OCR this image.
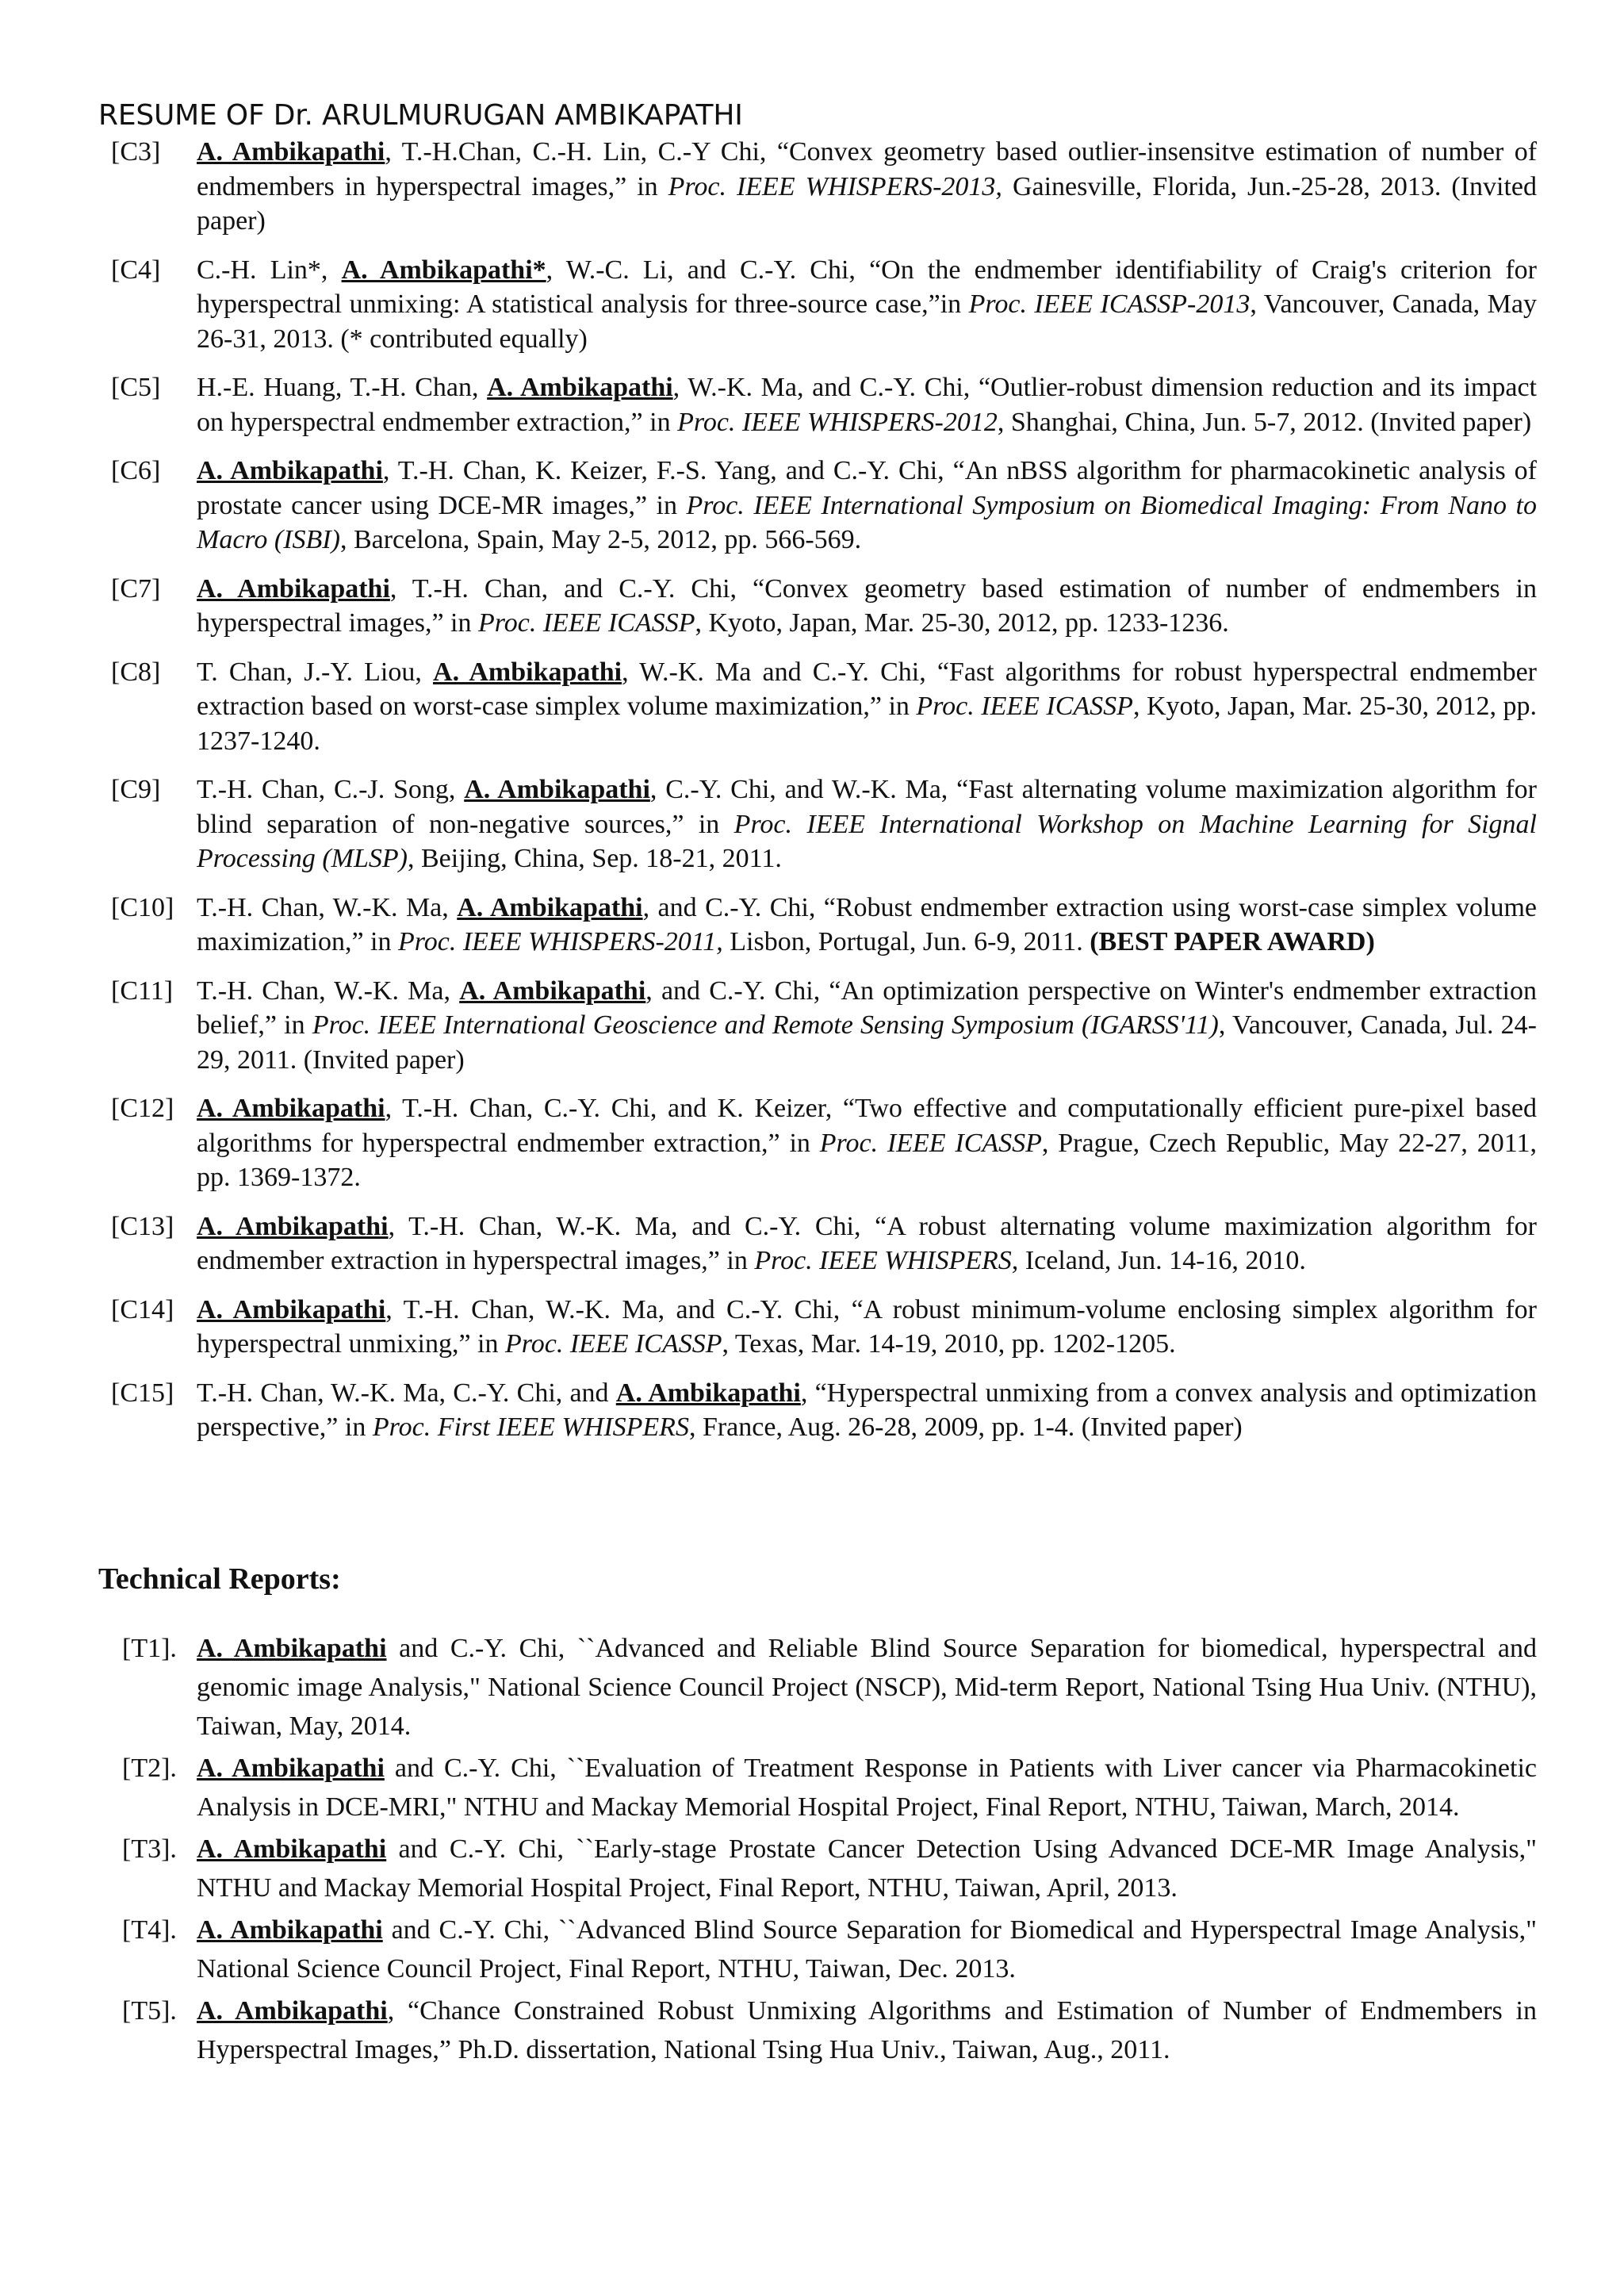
RESUME OF Dr. ARULMURUGAN AMBIKAPATHI
[C3]	A. Ambikapathi, T.-H.Chan, C.-H. Lin, C.-Y Chi, “Convex geometry based outlier-insensitve estimation of number of endmembers in hyperspectral images,” in Proc. IEEE WHISPERS-2013, Gainesville, Florida, Jun.-25-28, 2013. (Invited paper)
[C4]	C.-H. Lin*, A. Ambikapathi*, W.-C. Li, and C.-Y. Chi, “On the endmember identifiability of Craig's criterion for hyperspectral unmixing: A statistical analysis for three-source case,”in Proc. IEEE ICASSP-2013, Vancouver, Canada, May 26-31, 2013. (* contributed equally)
[C5]	H.-E. Huang, T.-H. Chan, A. Ambikapathi, W.-K. Ma, and C.-Y. Chi, “Outlier-robust dimension reduction and its impact on hyperspectral endmember extraction,” in Proc. IEEE WHISPERS-2012, Shanghai, China, Jun. 5-7, 2012. (Invited paper)
[C6]	A. Ambikapathi, T.-H. Chan, K. Keizer, F.-S. Yang, and C.-Y. Chi, “An nBSS algorithm for pharmacokinetic analysis of prostate cancer using DCE-MR images,” in Proc. IEEE International Symposium on Biomedical Imaging: From Nano to Macro (ISBI), Barcelona, Spain, May 2-5, 2012, pp. 566-569.
[C7]	A. Ambikapathi, T.-H. Chan, and C.-Y. Chi, “Convex geometry based estimation of number of endmembers in hyperspectral images,” in Proc. IEEE ICASSP, Kyoto, Japan, Mar. 25-30, 2012, pp. 1233-1236.
[C8]	T. Chan, J.-Y. Liou, A. Ambikapathi, W.-K. Ma and C.-Y. Chi, “Fast algorithms for robust hyperspectral endmember extraction based on worst-case simplex volume maximization,” in Proc. IEEE ICASSP, Kyoto, Japan, Mar. 25-30, 2012, pp. 1237-1240.
[C9]	T.-H. Chan, C.-J. Song, A. Ambikapathi, C.-Y. Chi, and W.-K. Ma, “Fast alternating volume maximization algorithm for blind separation of non-negative sources,” in Proc. IEEE International Workshop on Machine Learning for Signal Processing (MLSP), Beijing, China, Sep. 18-21, 2011.
[C10] T.-H. Chan, W.-K. Ma, A. Ambikapathi, and C.-Y. Chi, “Robust endmember extraction using worst-case simplex volume maximization,” in Proc. IEEE WHISPERS-2011, Lisbon, Portugal, Jun. 6-9, 2011. (BEST PAPER AWARD)
[C11] T.-H. Chan, W.-K. Ma, A. Ambikapathi, and C.-Y. Chi, “An optimization perspective on Winter's endmember extraction belief,” in Proc. IEEE International Geoscience and Remote Sensing Symposium (IGARSS'11), Vancouver, Canada, Jul. 24-29, 2011. (Invited paper)
[C12] A. Ambikapathi, T.-H. Chan, C.-Y. Chi, and K. Keizer, “Two effective and computationally efficient pure-pixel based algorithms for hyperspectral endmember extraction,” in Proc. IEEE ICASSP, Prague, Czech Republic, May 22-27, 2011, pp. 1369-1372.
[C13] A. Ambikapathi, T.-H. Chan, W.-K. Ma, and C.-Y. Chi, “A robust alternating volume maximization algorithm for endmember extraction in hyperspectral images,” in Proc. IEEE WHISPERS, Iceland, Jun. 14-16, 2010.
[C14] A. Ambikapathi, T.-H. Chan, W.-K. Ma, and C.-Y. Chi, “A robust minimum-volume enclosing simplex algorithm for hyperspectral unmixing,” in Proc. IEEE ICASSP, Texas, Mar. 14-19, 2010, pp. 1202-1205.
[C15] T.-H. Chan, W.-K. Ma, C.-Y. Chi, and A. Ambikapathi, “Hyperspectral unmixing from a convex analysis and optimization perspective,” in Proc. First IEEE WHISPERS, France, Aug. 26-28, 2009, pp. 1-4. (Invited paper)
Technical Reports:
[T1]. A. Ambikapathi and C.-Y. Chi, ``Advanced and Reliable Blind Source Separation for biomedical, hyperspectral and genomic image Analysis," National Science Council Project (NSCP), Mid-term Report, National Tsing Hua Univ. (NTHU), Taiwan, May, 2014.
[T2]. A. Ambikapathi and C.-Y. Chi, ``Evaluation of Treatment Response in Patients with Liver cancer via Pharmacokinetic Analysis in DCE-MRI," NTHU and Mackay Memorial Hospital Project, Final Report, NTHU, Taiwan, March, 2014.
[T3]. A. Ambikapathi and C.-Y. Chi, ``Early-stage Prostate Cancer Detection Using Advanced DCE-MR Image Analysis," NTHU and Mackay Memorial Hospital Project, Final Report, NTHU, Taiwan, April, 2013.
[T4]. A. Ambikapathi and C.-Y. Chi, ``Advanced Blind Source Separation for Biomedical and Hyperspectral Image Analysis," National Science Council Project, Final Report, NTHU, Taiwan, Dec. 2013.
[T5]. A. Ambikapathi, “Chance Constrained Robust Unmixing Algorithms and Estimation of Number of Endmembers in Hyperspectral Images,” Ph.D. dissertation, National Tsing Hua Univ., Taiwan, Aug., 2011.
